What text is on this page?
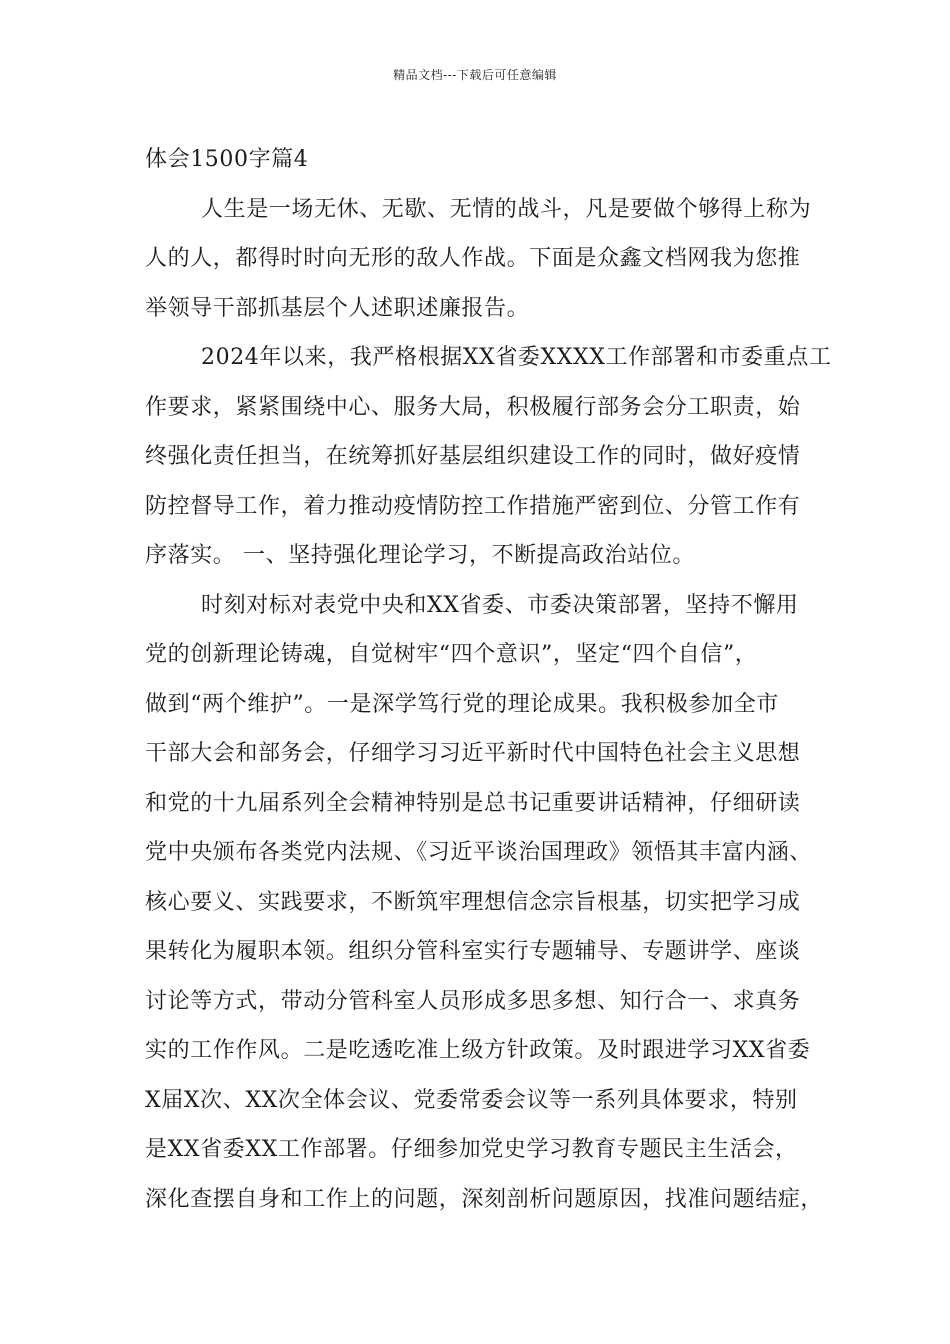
精品文档---下载后可任意编辑
体会1500字篇4
人生是一场无休、无歇、无情的战斗，凡是要做个够得上称为
人的人，都得时时向无形的敌人作战。下面是众鑫文档网我为您推
举领导干部抓基层个人述职述廉报告。
2024年以来，我严格根据XX省委XXXX工作部署和市委重点工
作要求，紧紧围绕中心、服务大局，积极履行部务会分工职责，始
终强化责任担当，在统筹抓好基层组织建设工作的同时，做好疫情
防控督导工作，着力推动疫情防控工作措施严密到位、分管工作有
序落实。 一、坚持强化理论学习，不断提高政治站位。
时刻对标对表党中央和XX省委、市委决策部署，坚持不懈用
党的创新理论铸魂，自觉树牢“四个意识”，坚定“四个自信”，
做到“两个维护”。一是深学笃行党的理论成果。我积极参加全市
干部大会和部务会，仔细学习习近平新时代中国特色社会主义思想
和党的十九届系列全会精神特别是总书记重要讲话精神，仔细研读
党中央颁布各类党内法规、《习近平谈治国理政》领悟其丰富内涵、
核心要义、实践要求，不断筑牢理想信念宗旨根基，切实把学习成
果转化为履职本领。组织分管科室实行专题辅导、专题讲学、座谈
讨论等方式，带动分管科室人员形成多思多想、知行合一、求真务
实的工作作风。二是吃透吃准上级方针政策。及时跟进学习XX省委
X届X次、XX次全体会议、党委常委会议等一系列具体要求，特别
是XX省委XX工作部署。仔细参加党史学习教育专题民主生活会，
深化查摆自身和工作上的问题，深刻剖析问题原因，找准问题结症，
